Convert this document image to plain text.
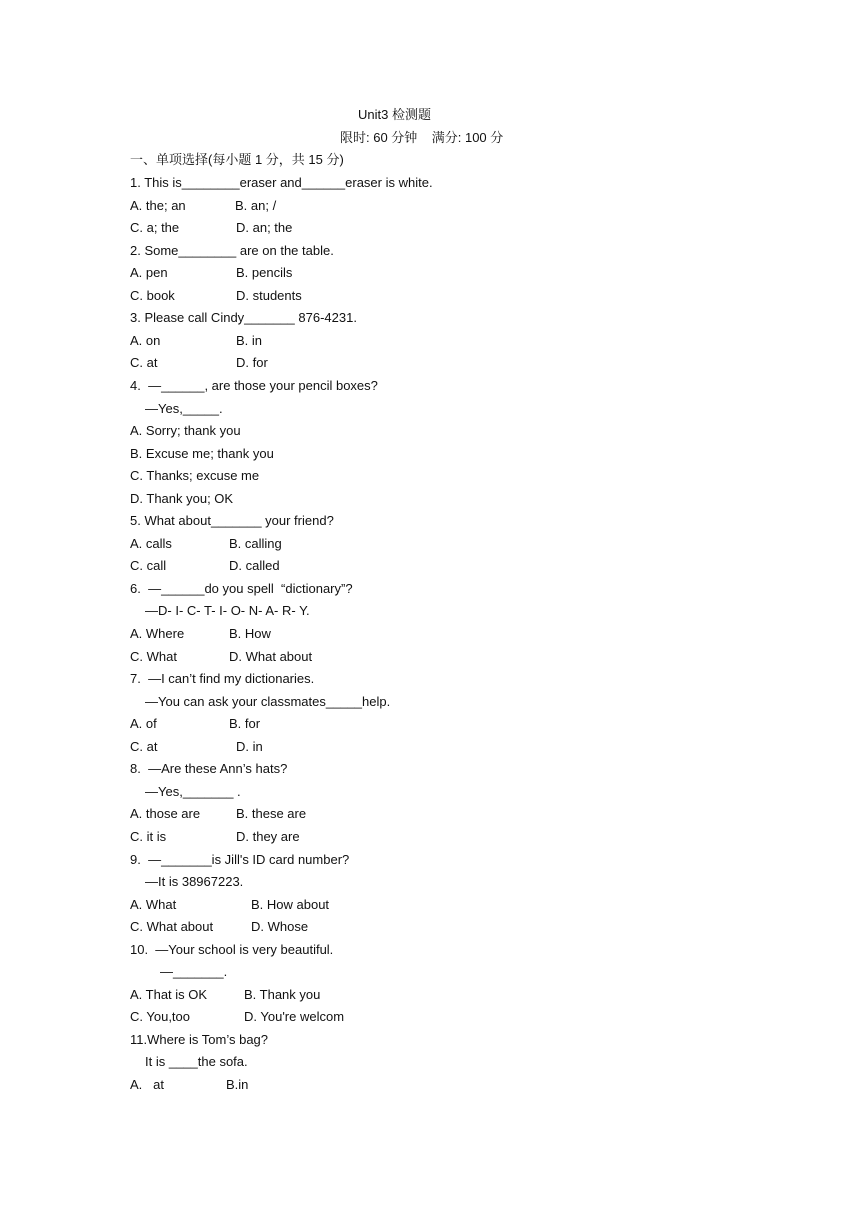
Unit3 检测题
限时: 60 分钟    满分: 100 分
一、单项选择(每小题 1 分，共 15 分)
1. This is________eraser and______eraser is white.
A. the; an	B. an; /
C. a; the	D. an; the
2. Some________ are on the table.
A. pen	B. pencils
C. book	D. students
3. Please call Cindy_______ 876-4231.
A. on	B. in
C. at	D. for
4.  —______, are those your pencil boxes?
—Yes,_____.
A. Sorry; thank you
B. Excuse me; thank you
C. Thanks; excuse me
D. Thank you; OK
5. What about_______ your friend?
A. calls	B. calling
C. call	D. called
6.  —______do you spell  “dictionary”?
—D- I- C- T- I- O- N- A- R- Y.
A. Where	B. How
C. What	D. What about
7.  —I can’t find my dictionaries.
—You can ask your classmates_____help.
A. of	B. for
C. at	D. in
8.  —Are these Ann’s hats?
—Yes,_______ .
A. those are	B. these are
C. it is	D. they are
9.  —_______is Jill's ID card number?
—It is 38967223.
A. What	B. How about
C. What about	D. Whose
10.  —Your school is very beautiful.
—_______.
A. That is OK	B. Thank you
C. You,too	D. You're welcom
11.Where is Tom’s bag?
It is ____the sofa.
A.   at	B.in
